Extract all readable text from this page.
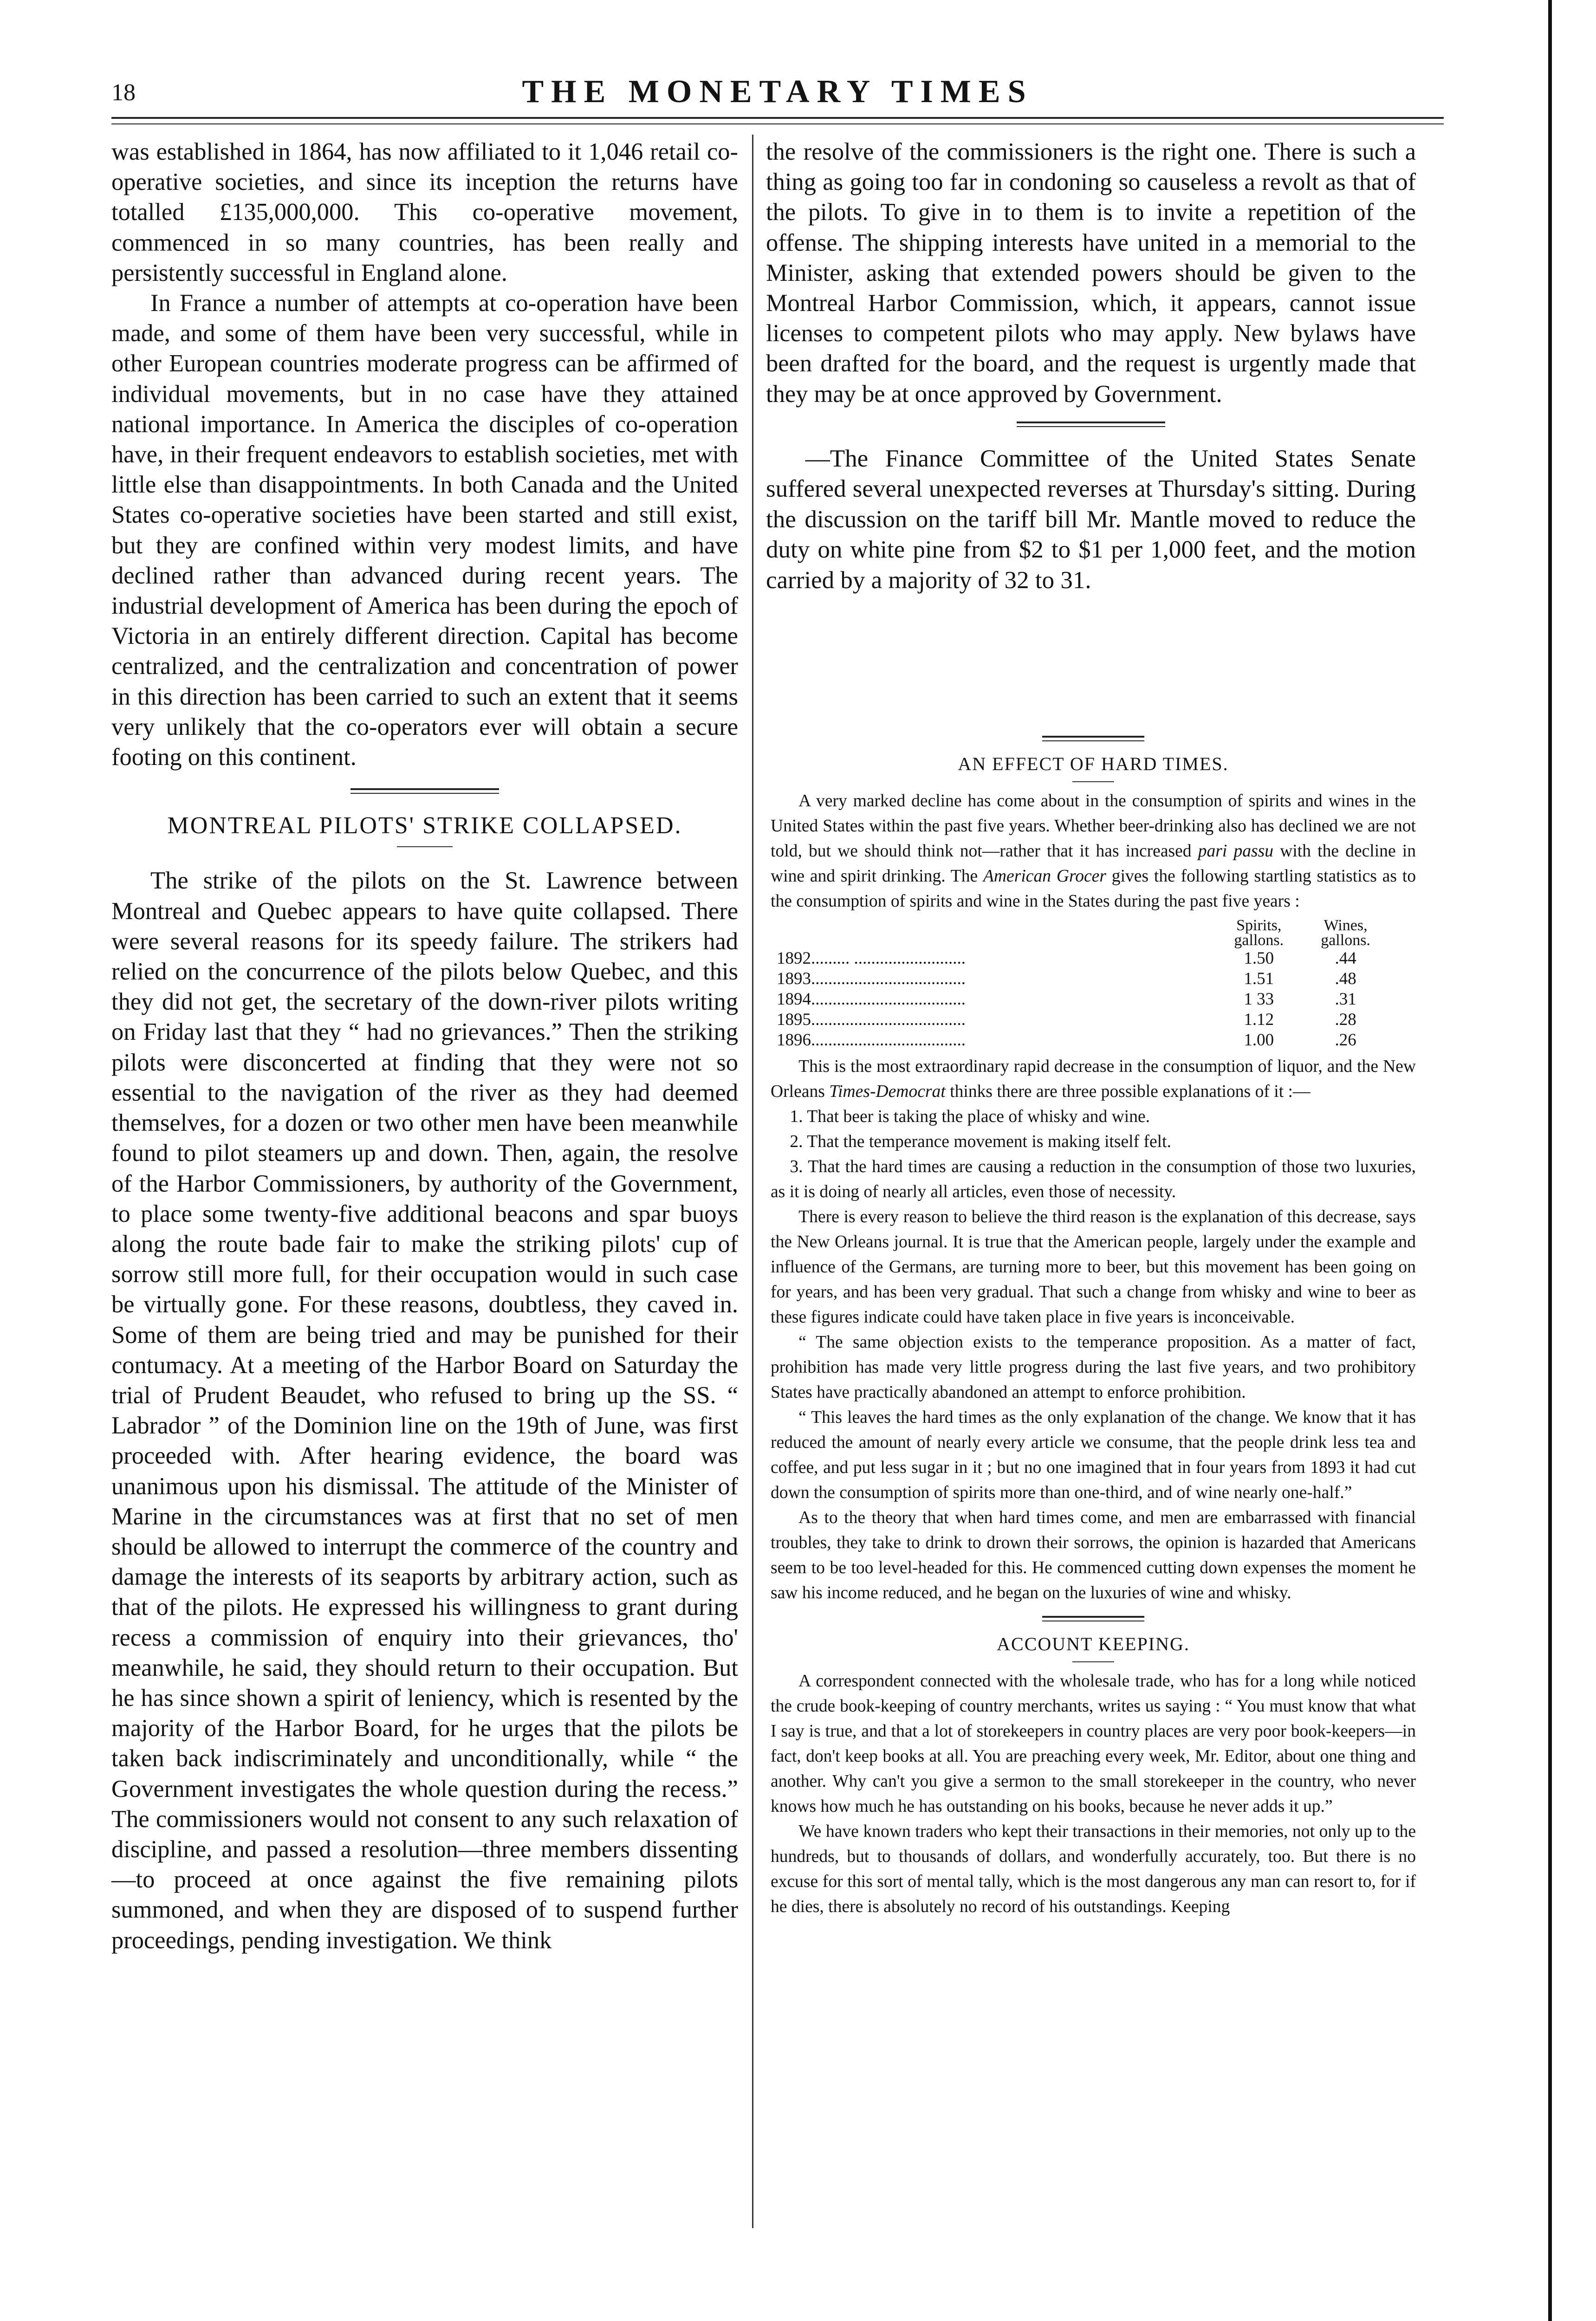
18	THE MONETARY TIMES

was established in 1864, has now affiliated to it 1,046 retail co-operative societies, and since its inception the returns have totalled £135,000,000. This co-operative movement, commenced in so many countries, has been really and persistently successful in England alone.

In France a number of attempts at co-operation have been made, and some of them have been very successful, while in other European countries moderate progress can be affirmed of individual movements, but in no case have they attained national importance. In America the disciples of co-operation have, in their frequent endeavors to establish societies, met with little else than disappointments. In both Canada and the United States co-operative societies have been started and still exist, but they are confined within very modest limits, and have declined rather than advanced during recent years. The industrial development of America has been during the epoch of Victoria in an entirely different direction. Capital has become centralized, and the centralization and concentration of power in this direction has been carried to such an extent that it seems very unlikely that the co-operators ever will obtain a secure footing on this continent.

MONTREAL PILOTS' STRIKE COLLAPSED.

The strike of the pilots on the St. Lawrence between Montreal and Quebec appears to have quite collapsed. There were several reasons for its speedy failure. The strikers had relied on the concurrence of the pilots below Quebec, and this they did not get, the secretary of the down-river pilots writing on Friday last that they “ had no grievances.” Then the striking pilots were disconcerted at finding that they were not so essential to the navigation of the river as they had deemed themselves, for a dozen or two other men have been meanwhile found to pilot steamers up and down. Then, again, the resolve of the Harbor Commissioners, by authority of the Government, to place some twenty-five additional beacons and spar buoys along the route bade fair to make the striking pilots' cup of sorrow still more full, for their occupation would in such case be virtually gone. For these reasons, doubtless, they caved in. Some of them are being tried and may be punished for their contumacy. At a meeting of the Harbor Board on Saturday the trial of Prudent Beaudet, who refused to bring up the SS. “ Labrador ” of the Dominion line on the 19th of June, was first proceeded with. After hearing evidence, the board was unanimous upon his dismissal. The attitude of the Minister of Marine in the circumstances was at first that no set of men should be allowed to interrupt the commerce of the country and damage the interests of its seaports by arbitrary action, such as that of the pilots. He expressed his willingness to grant during recess a commission of enquiry into their grievances, tho' meanwhile, he said, they should return to their occupation. But he has since shown a spirit of leniency, which is resented by the majority of the Harbor Board, for he urges that the pilots be taken back indiscriminately and unconditionally, while “ the Government investigates the whole question during the recess.” The commissioners would not consent to any such relaxation of discipline, and passed a resolution—three members dissenting—to proceed at once against the five remaining pilots summoned, and when they are disposed of to suspend further proceedings, pending investigation. We think

the resolve of the commissioners is the right one. There is such a thing as going too far in condoning so causeless a revolt as that of the pilots. To give in to them is to invite a repetition of the offense. The shipping interests have united in a memorial to the Minister, asking that extended powers should be given to the Montreal Harbor Commission, which, it appears, cannot issue licenses to competent pilots who may apply. New bylaws have been drafted for the board, and the request is urgently made that they may be at once approved by Government.

—The Finance Committee of the United States Senate suffered several unexpected reverses at Thursday's sitting. During the discussion on the tariff bill Mr. Mantle moved to reduce the duty on white pine from $2 to $1 per 1,000 feet, and the motion carried by a majority of 32 to 31.

AN EFFECT OF HARD TIMES.

A very marked decline has come about in the consumption of spirits and wines in the United States within the past five years. Whether beer-drinking also has declined we are not told, but we should think not—rather that it has increased pari passu with the decline in wine and spirit drinking. The American Grocer gives the following startling statistics as to the consumption of spirits and wine in the States during the past five years :

	Spirits, gallons.	Wines, gallons.
1892......... ..........................	1.50	.44
1893....................................	1.51	.48
1894....................................	1 33	.31
1895....................................	1.12	.28
1896....................................	1.00	.26

This is the most extraordinary rapid decrease in the consumption of liquor, and the New Orleans Times-Democrat thinks there are three possible explanations of it :—

1. That beer is taking the place of whisky and wine.

2. That the temperance movement is making itself felt.

3. That the hard times are causing a reduction in the consumption of those two luxuries, as it is doing of nearly all articles, even those of necessity.

There is every reason to believe the third reason is the explanation of this decrease, says the New Orleans journal. It is true that the American people, largely under the example and influence of the Germans, are turning more to beer, but this movement has been going on for years, and has been very gradual. That such a change from whisky and wine to beer as these figures indicate could have taken place in five years is inconceivable.

“ The same objection exists to the temperance proposition. As a matter of fact, prohibition has made very little progress during the last five years, and two prohibitory States have practically abandoned an attempt to enforce prohibition.

“ This leaves the hard times as the only explanation of the change. We know that it has reduced the amount of nearly every article we consume, that the people drink less tea and coffee, and put less sugar in it ; but no one imagined that in four years from 1893 it had cut down the consumption of spirits more than one-third, and of wine nearly one-half.”

As to the theory that when hard times come, and men are embarrassed with financial troubles, they take to drink to drown their sorrows, the opinion is hazarded that Americans seem to be too level-headed for this. He commenced cutting down expenses the moment he saw his income reduced, and he began on the luxuries of wine and whisky.

ACCOUNT KEEPING.

A correspondent connected with the wholesale trade, who has for a long while noticed the crude book-keeping of country merchants, writes us saying : “ You must know that what I say is true, and that a lot of storekeepers in country places are very poor book-keepers—in fact, don't keep books at all. You are preaching every week, Mr. Editor, about one thing and another. Why can't you give a sermon to the small storekeeper in the country, who never knows how much he has outstanding on his books, because he never adds it up.”

We have known traders who kept their transactions in their memories, not only up to the hundreds, but to thousands of dollars, and wonderfully accurately, too. But there is no excuse for this sort of mental tally, which is the most dangerous any man can resort to, for if he dies, there is absolutely no record of his outstandings. Keeping
